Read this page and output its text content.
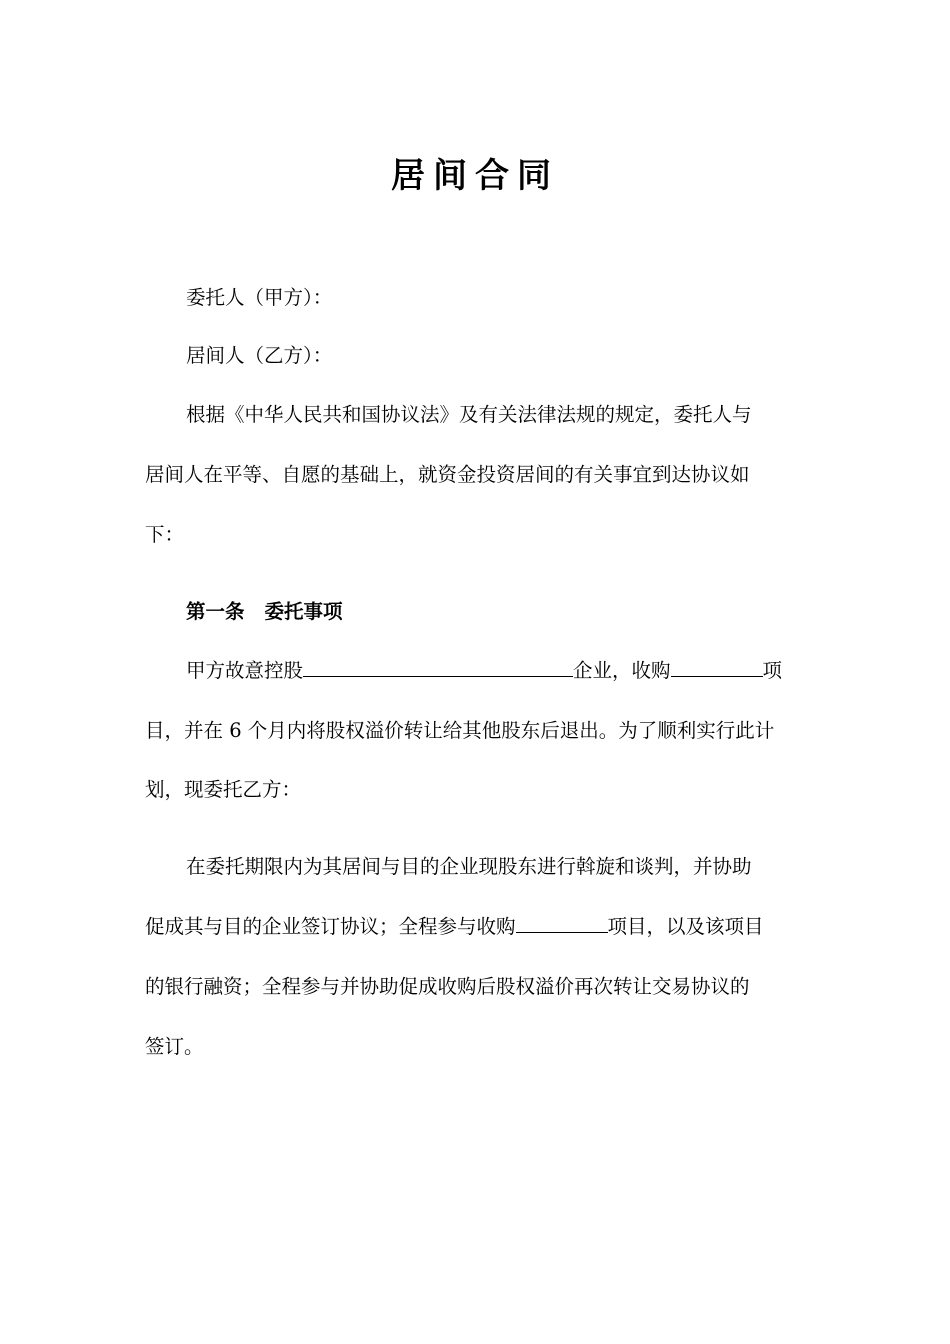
居间合同
委托人（甲方）：
居间人（乙方）：
根据《中华人民共和国协议法》及有关法律法规的规定，委托人与
居间人在平等、自愿的基础上，就资金投资居间的有关事宜到达协议如
下：
第一条 委托事项
甲方故意控股	企业，收购	项
目，并在 6 个月内将股权溢价转让给其他股东后退出。为了顺利实行此计
划，现委托乙方：
在委托期限内为其居间与目的企业现股东进行斡旋和谈判，并协助
促成其与目的企业签订协议；全程参与收购	项目，以及该项目
的银行融资；全程参与并协助促成收购后股权溢价再次转让交易协议的
签订。
